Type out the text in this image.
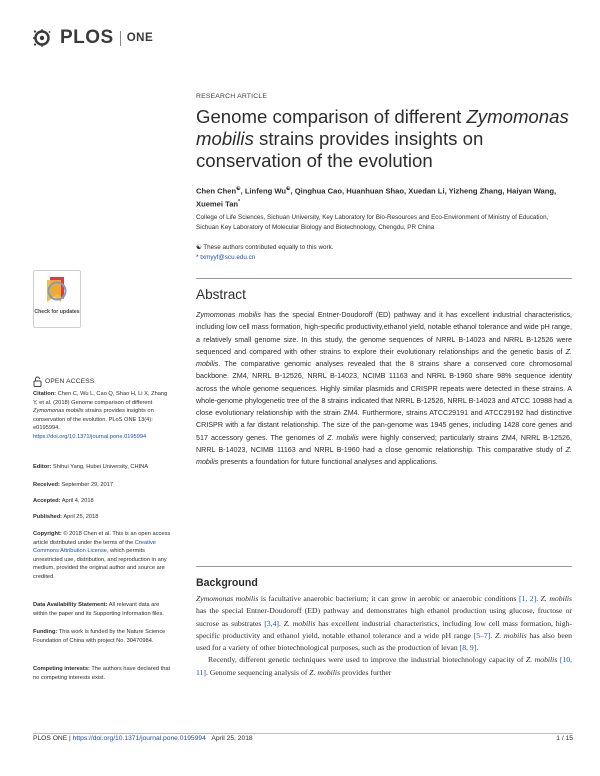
PLOS ONE
RESEARCH ARTICLE
Genome comparison of different Zymomonas mobilis strains provides insights on conservation of the evolution
Chen Chen☯, Linfeng Wu☯, Qinghua Cao, Huanhuan Shao, Xuedan Li, Yizheng Zhang, Haiyan Wang, Xuemei Tan*
College of Life Sciences, Sichuan University, Key Laboratory for Bio-Resources and Eco-Environment of Ministry of Education, Sichuan Key Laboratory of Molecular Biology and Biotechnology, Chengdu, PR China
☯ These authors contributed equally to this work.
* txmyyf@scu.edu.cn
Abstract

Zymomonas mobilis has the special Entner-Doudoroff (ED) pathway and it has excellent industrial characteristics, including low cell mass formation, high-specific productivity,ethanol yield, notable ethanol tolerance and wide pH range, a relatively small genome size. In this study, the genome sequences of NRRL B-14023 and NRRL B-12526 were sequenced and compared with other strains to explore their evolutionary relationships and the genetic basis of Z. mobilis. The comparative genomic analyses revealed that the 8 strains share a conserved core chromosomal backbone. ZM4, NRRL B-12526, NRRL B-14023, NCIMB 11163 and NRRL B-1960 share 98% sequence identity across the whole genome sequences. Highly similar plasmids and CRISPR repeats were detected in these strains. A whole-genome phylogenetic tree of the 8 strains indicated that NRRL B-12526, NRRL B-14023 and ATCC 10988 had a close evolutionary relationship with the strain ZM4. Furthermore, strains ATCC29191 and ATCC29192 had distinctive CRISPR with a far distant relationship. The size of the pan-genome was 1945 genes, including 1428 core genes and 517 accessory genes. The genomes of Z. mobilis were highly conserved; particularly strains ZM4, NRRL B-12526, NRRL B-14023, NCIMB 11163 and NRRL B-1960 had a close genomic relationship. This comparative study of Z. mobilis presents a foundation for future functional analyses and applications.

Background

Zymomonas mobilis is facultative anaerobic bacterium; it can grow in aerobic or anaerobic conditions [1, 2]. Z. mobilis has the special Entner-Doudoroff (ED) pathway and demonstrates high ethanol production using glucose, fructose or sucrose as substrates [3,4]. Z. mobilis has excellent industrial characteristics, including low cell mass formation, high-specific productivity and ethanol yield, notable ethanol tolerance and a wide pH range [5–7]. Z. mobilis has also been used for a variety of other biotechnological purposes, such as the production of levan [8, 9].

Recently, different genetic techniques were used to improve the industrial biotechnology capacity of Z. mobilis [10, 11]. Genome sequencing analysis of Z. mobilis provides further

Check for updates
OPEN ACCESS
Citation: Chen C, Wu L, Cao Q, Shao H, Li X, Zhang Y, et al. (2018) Genome comparison of different Zymomonas mobilis strains provides insights on conservation of the evolution. PLoS ONE 13(4): e0195994. https://doi.org/10.1371/journal.pone.0195994
Editor: Shihui Yang, Hubei University, CHINA
Received: September 29, 2017
Accepted: April 4, 2018
Published: April 25, 2018
Copyright: © 2018 Chen et al. This is an open access article distributed under the terms of the Creative Commons Attribution License, which permits unrestricted use, distribution, and reproduction in any medium, provided the original author and source are credited.
Data Availability Statement: All relevant data are within the paper and its Supporting Information files.
Funding: This work is funded by the Nature Science Foundation of China with project No. 30470984.
Competing interests: The authors have declared that no competing interests exist.
PLOS ONE | https://doi.org/10.1371/journal.pone.0195994 April 25, 2018	1 / 15
